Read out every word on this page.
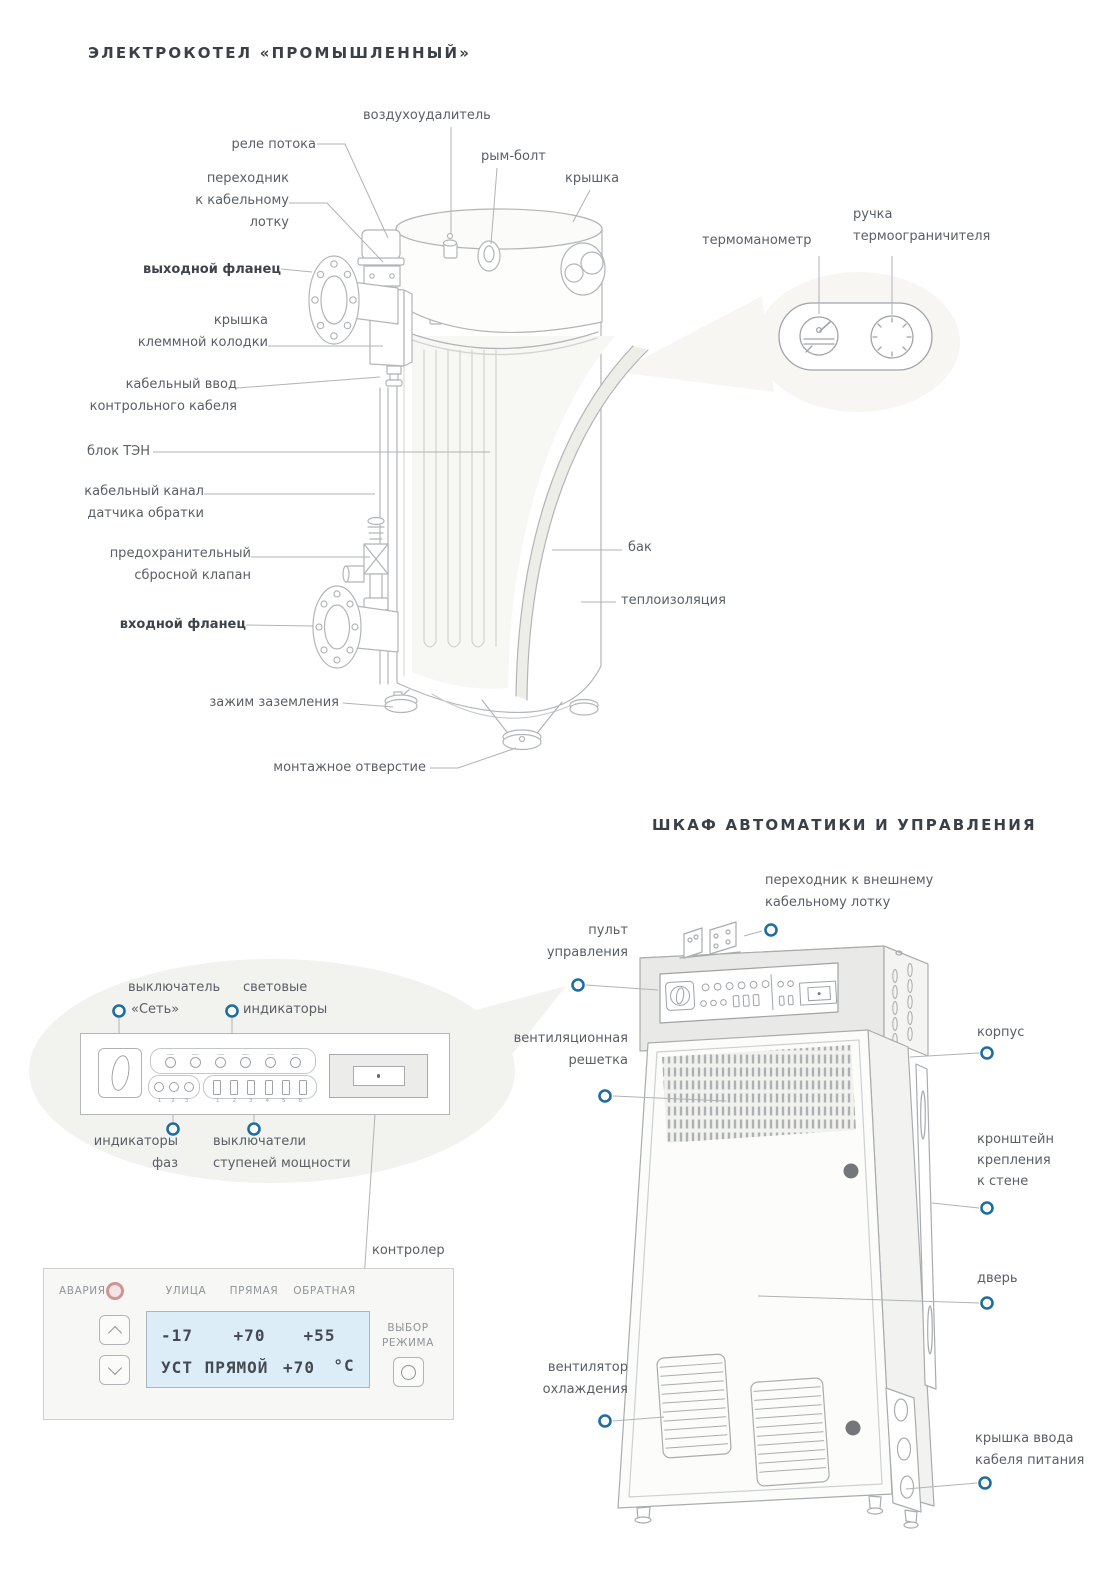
ЭЛЕКТРОКОТЕЛ «ПРОМЫШЛЕННЫЙ»
воздухоудалитель
реле потока
переходник
к кабельному
лотку
выходной фланец
крышка
клеммной колодки
кабельный ввод
контрольного кабеля
блок ТЭН
кабельный канал
датчика обратки
предохранительный
сбросной клапан
входной фланец
зажим заземления
монтажное отверстие
рым-болт
крышка
бак
теплоизоляция
термоманометр
ручка
термоограничителя
ШКАФ АВТОМАТИКИ И УПРАВЛЕНИЯ
переходник к внешнему
кабельному лотку
пульт
управления
вентиляционная
решетка
корпус
кронштейн
крепления
к стене
дверь
вентилятор
охлаждения
крышка ввода
кабеля питания
выключатель
«Сеть»
световые
индикаторы
индикаторы
фаз
выключатели
ступеней мощности
контролер
1 2 3	1 2 3 4 5 6
АВАРИЯ	УЛИЦА	ПРЯМАЯ	ОБРАТНАЯ
-17	+70	+55
УСТ ПРЯМОЙ +70 °C
ВЫБОР
РЕЖИМА
